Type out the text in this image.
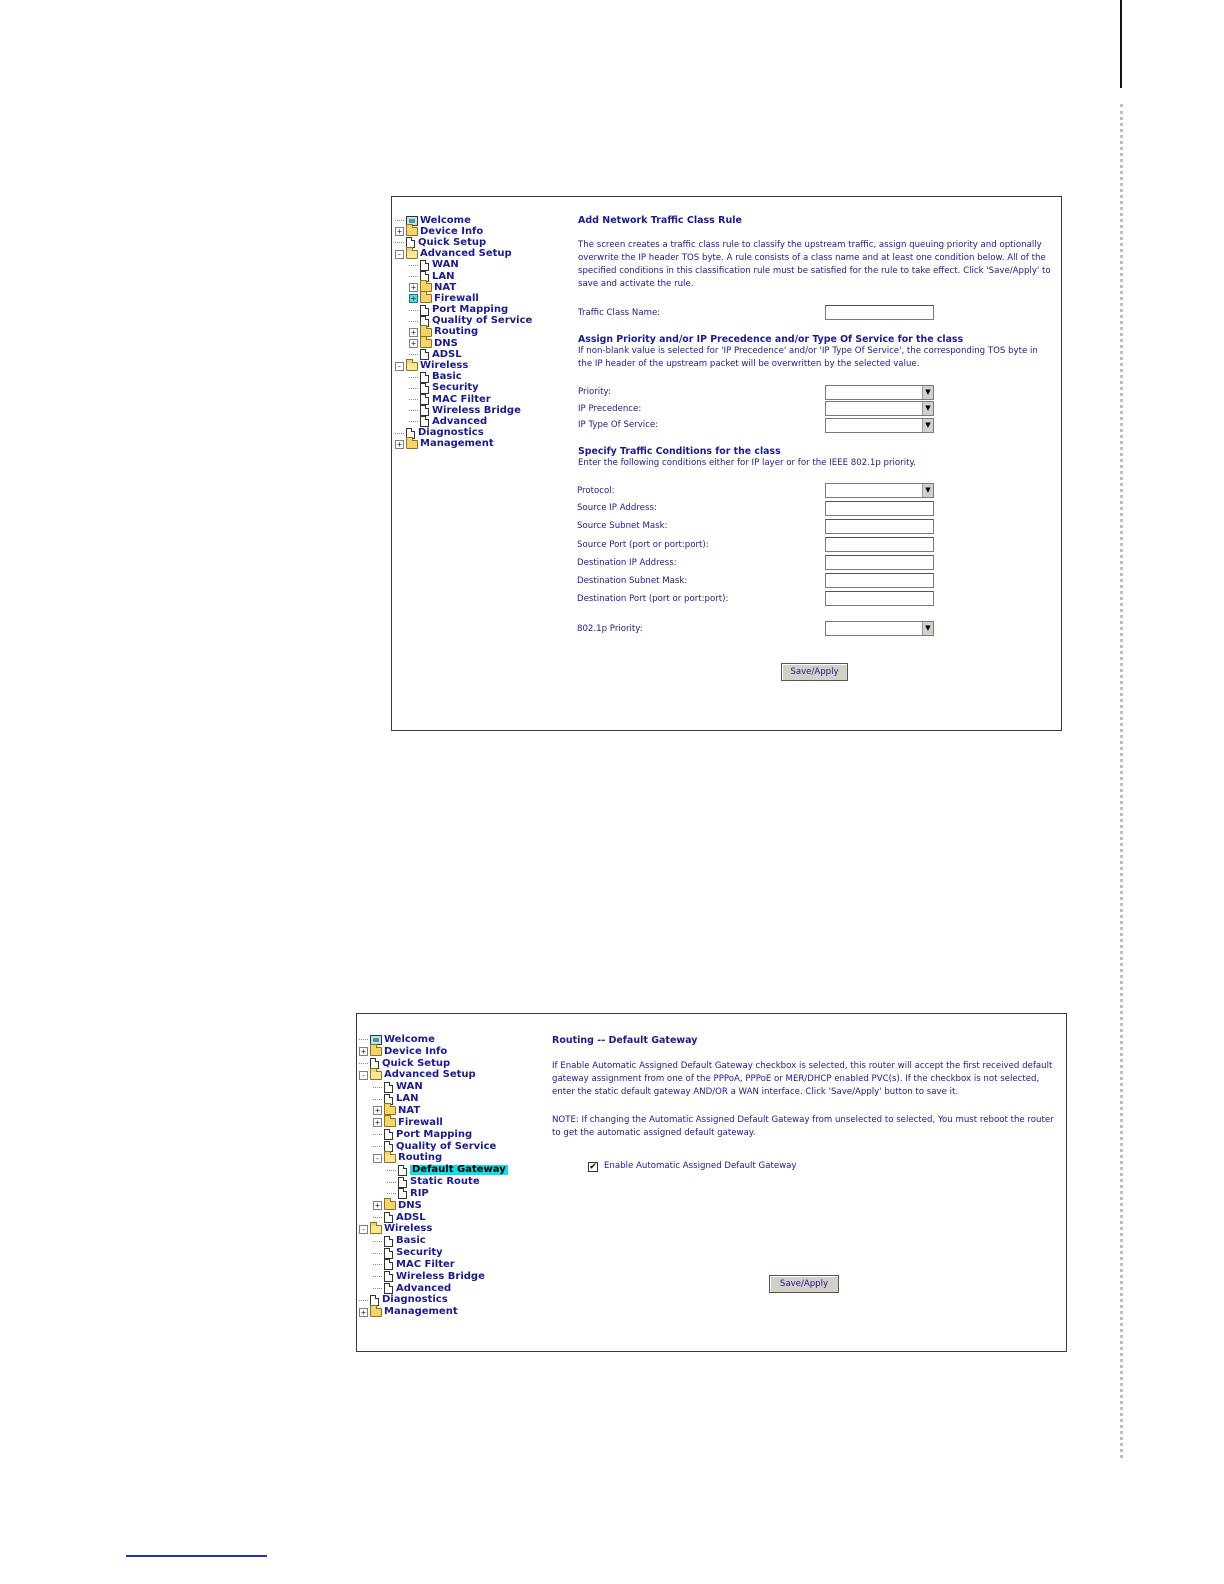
Welcome
+ Device Info
Quick Setup
- Advanced Setup
WAN
LAN
+ NAT
+ Firewall
Port Mapping
Quality of Service
+ Routing
+ DNS
ADSL
- Wireless
Basic
Security
MAC Filter
Wireless Bridge
Advanced
Diagnostics
+ Management
Add Network Traffic Class Rule
The screen creates a traffic class rule to classify the upstream traffic, assign queuing priority and optionally overwrite the IP header TOS byte. A rule consists of a class name and at least one condition below. All of the specified conditions in this classification rule must be satisfied for the rule to take effect. Click 'Save/Apply' to save and activate the rule.
Traffic Class Name:
Assign Priority and/or IP Precedence and/or Type Of Service for the class
If non-blank value is selected for 'IP Precedence' and/or 'IP Type Of Service', the corresponding TOS byte in the IP header of the upstream packet will be overwritten by the selected value.
Priority:	▼
IP Precedence:	▼
IP Type Of Service:	▼
Specify Traffic Conditions for the class
Enter the following conditions either for IP layer or for the IEEE 802.1p priority.
Protocol:	▼
Source IP Address:
Source Subnet Mask:
Source Port (port or port:port):
Destination IP Address:
Destination Subnet Mask:
Destination Port (port or port:port):
802.1p Priority:	▼
Save/Apply
Welcome
+ Device Info
Quick Setup
- Advanced Setup
WAN
LAN
+ NAT
+ Firewall
Port Mapping
Quality of Service
- Routing
Default Gateway
Static Route
RIP
+ DNS
ADSL
- Wireless
Basic
Security
MAC Filter
Wireless Bridge
Advanced
Diagnostics
+ Management
Routing -- Default Gateway
If Enable Automatic Assigned Default Gateway checkbox is selected, this router will accept the first received default gateway assignment from one of the PPPoA, PPPoE or MER/DHCP enabled PVC(s). If the checkbox is not selected, enter the static default gateway AND/OR a WAN interface. Click 'Save/Apply' button to save it.
NOTE: If changing the Automatic Assigned Default Gateway from unselected to selected, You must reboot the router to get the automatic assigned default gateway.
✔ Enable Automatic Assigned Default Gateway
Save/Apply
